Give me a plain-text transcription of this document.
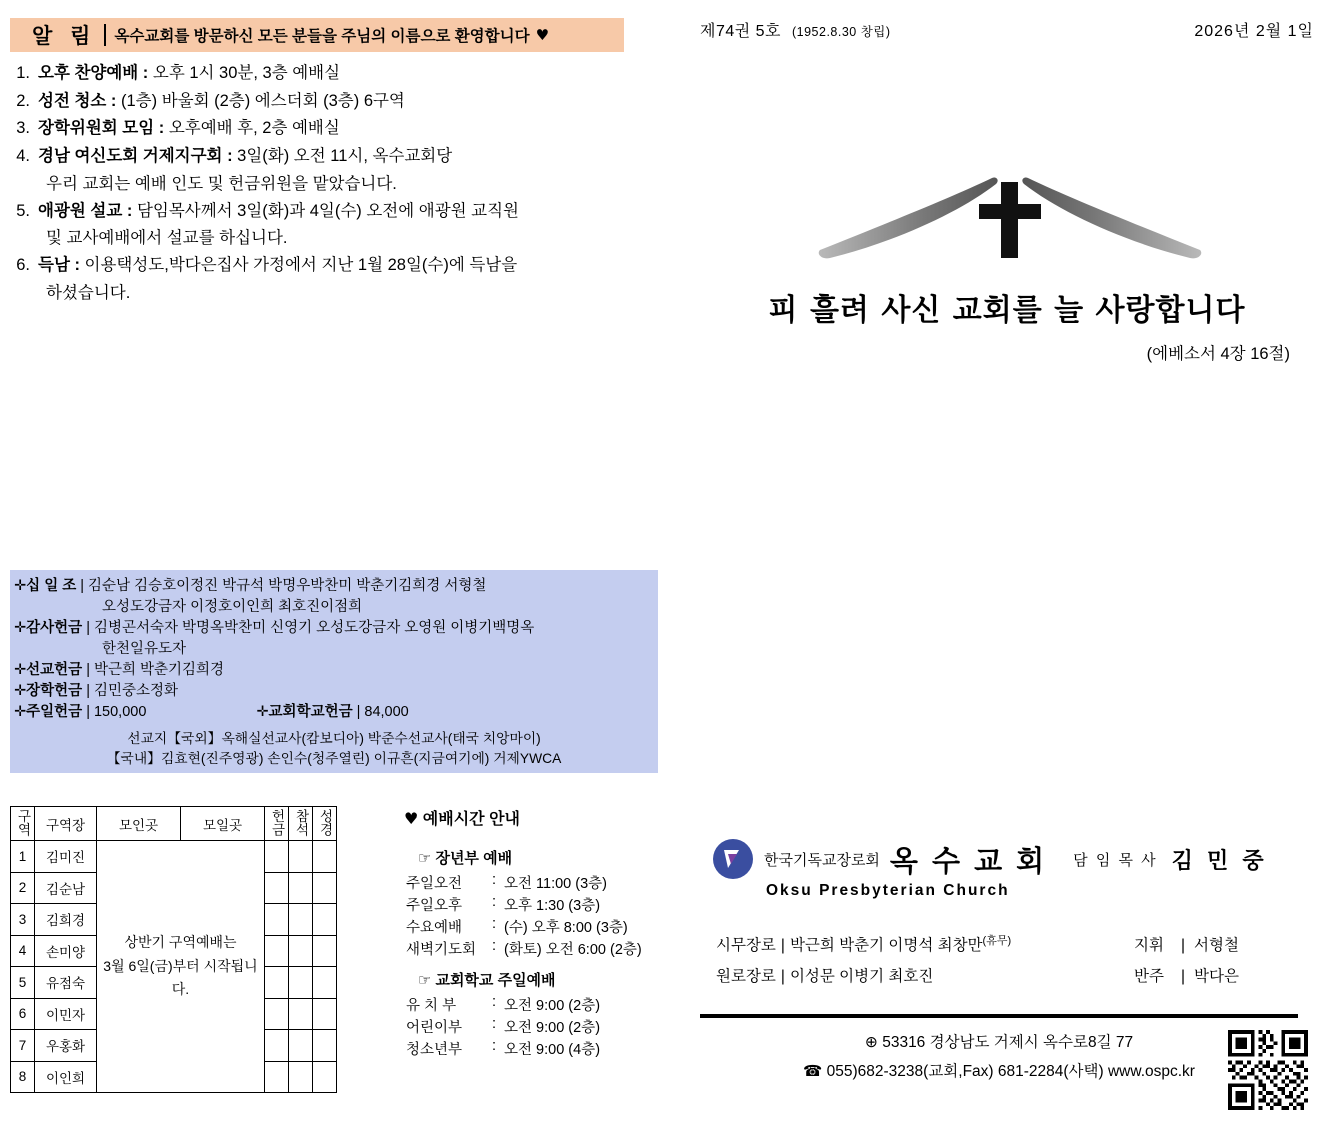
알 림	옥수교회를 방문하신 모든 분들을 주님의 이름으로 환영합니다 ♥
1. 오후 찬양예배 : 오후 1시 30분, 3층 예배실
2. 성전 청소 : (1층) 바울회 (2층) 에스더회 (3층) 6구역
3. 장학위원회 모임 : 오후예배 후, 2층 예배실
4. 경남 여신도회 거제지구회 : 3일(화) 오전 11시, 옥수교회당
우리 교회는 예배 인도 및 헌금위원을 맡았습니다.
5. 애광원 설교 : 담임목사께서 3일(화)과 4일(수) 오전에 애광원 교직원
및 교사예배에서 설교를 하십니다.
6. 득남 : 이용택성도,박다은집사 가정에서 지난 1월 28일(수)에 득남을
하셨습니다.
✛십 일 조 | 김순남 김승호이정진 박규석 박명우박찬미 박춘기김희경 서형철
오성도강금자 이정호이인희 최호진이점희
✛감사헌금 | 김병곤서숙자 박명옥박찬미 신영기 오성도강금자 오영원 이병기백명옥
한천일유도자
✛선교헌금 | 박근희 박춘기김희경
✛장학헌금 | 김민중소정화
✛주일헌금 | 150,000	✛교회학교헌금 | 84,000
선교지【국외】옥해실선교사(캄보디아) 박준수선교사(태국 치앙마이)
【국내】김효현(진주영광) 손인수(청주열린) 이규흔(지금여기에) 거제YWCA
구역	구역장	모인곳	모일곳	헌금	참석	성경
1	김미진	상반기 구역예배는
3월 6일(금)부터 시작됩니다.				

2	김순남					
3	김희경					
4	손미양					
5	유점숙					
6	이민자					
7	우홍화					
8	이인희					
♥ 예배시간 안내
☞ 장년부 예배
주일오전	: 오전 11:00 (3층)
주일오후	: 오후 1:30 (3층)
수요예배	: (수) 오후 8:00 (3층)
새벽기도회	: (화토) 오전 6:00 (2층)
☞ 교회학교 주일예배
유 치 부	: 오전 9:00 (2층)
어린이부	: 오전 9:00 (2층)
청소년부	: 오전 9:00 (4층)
제74권 5호 (1952.8.30 창립)	2026년 2월 1일
피 흘려 사신 교회를 늘 사랑합니다
(에베소서 4장 16절)
한국기독교장로회 옥 수 교 회 담 임 목 사 김 민 중
Oksu Presbyterian Church
시무장로 | 박근희 박춘기 이명석 최창만 (휴무)	지휘 | 서형철
원로장로 | 이성문 이병기 최호진	반주 | 박다은
⊕ 53316 경상남도 거제시 옥수로8길 77
☎ 055)682-3238(교회,Fax) 681-2284(사택) www.ospc.kr
